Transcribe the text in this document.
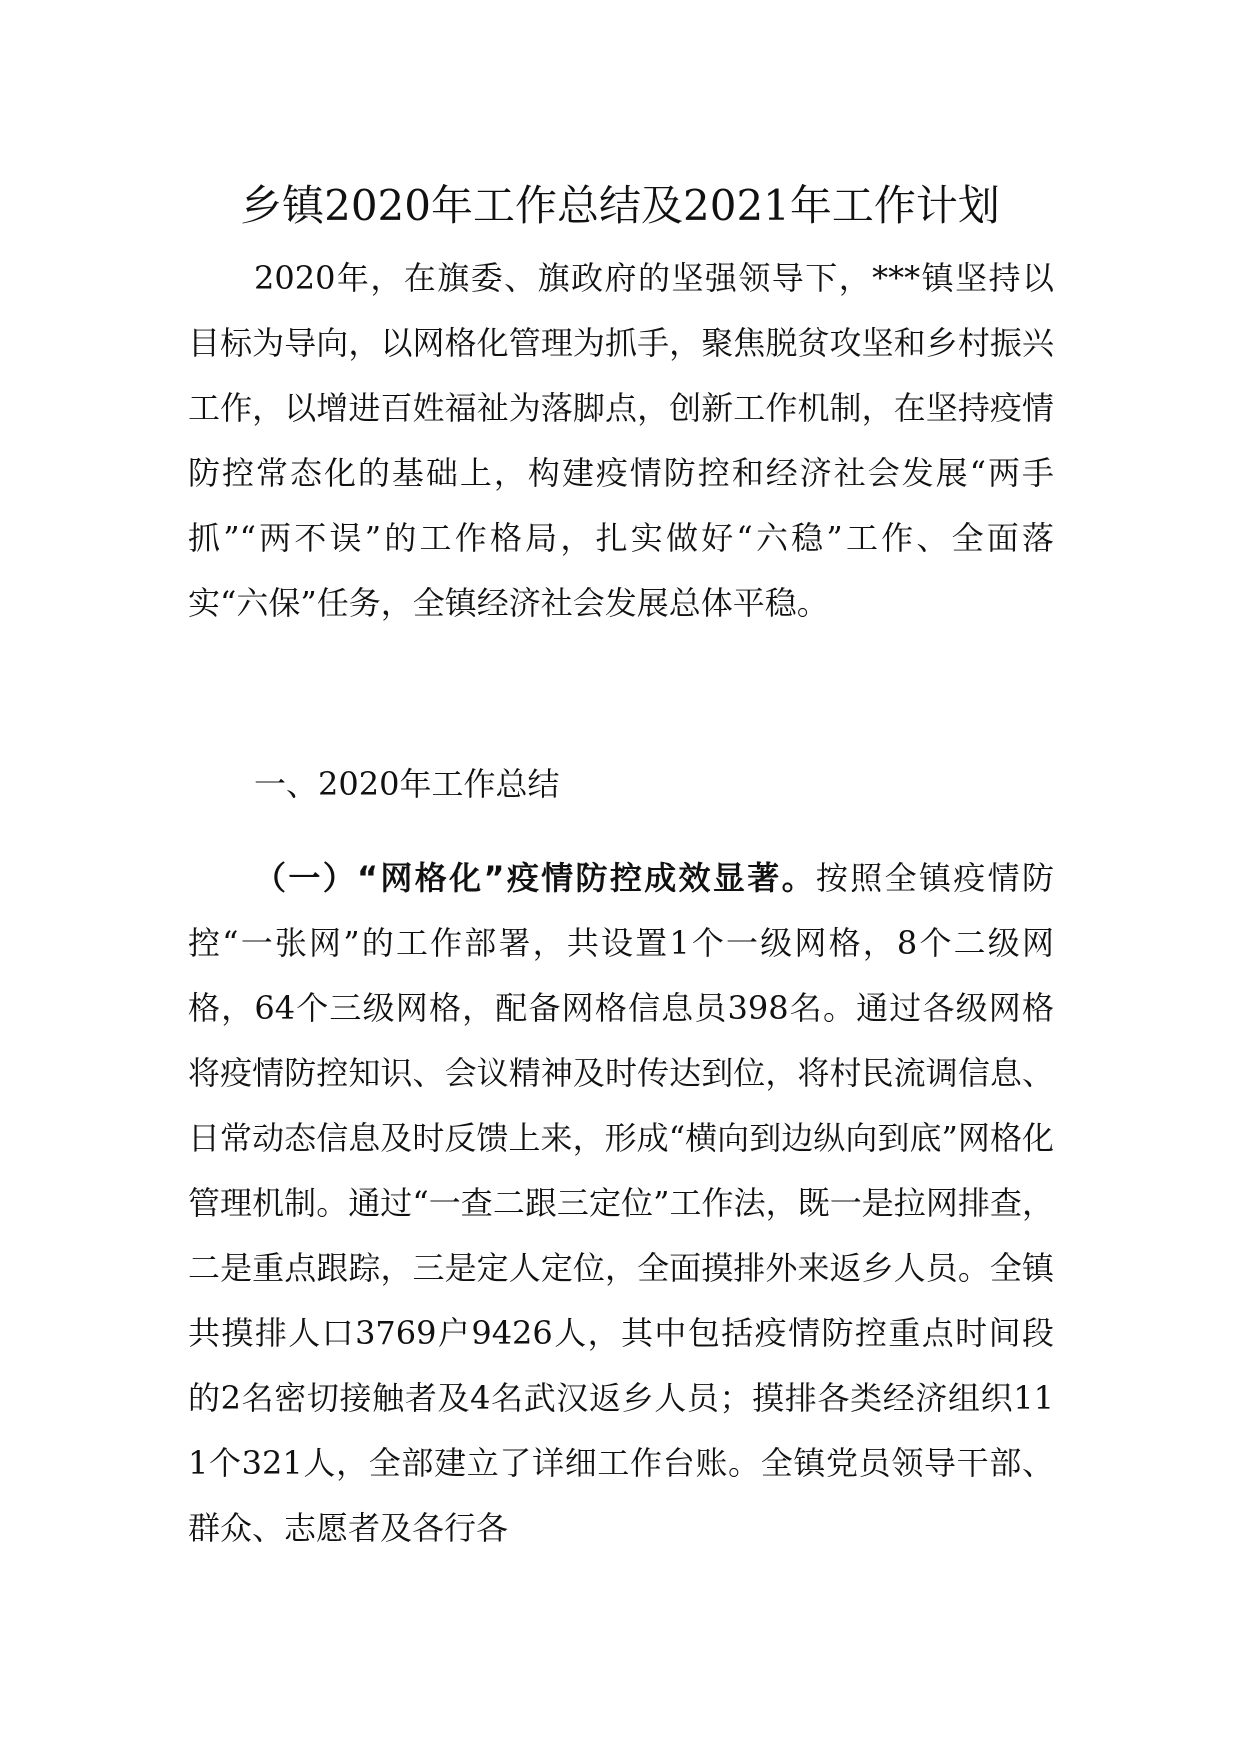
乡镇2020年工作总结及2021年工作计划

2020年，在旗委、旗政府的坚强领导下，***镇坚持以目标为导向，以网格化管理为抓手，聚焦脱贫攻坚和乡村振兴工作，以增进百姓福祉为落脚点，创新工作机制，在坚持疫情防控常态化的基础上，构建疫情防控和经济社会发展“两手抓”“两不误”的工作格局，扎实做好“六稳”工作、全面落实“六保”任务，全镇经济社会发展总体平稳。

一、2020年工作总结

（一）“网格化”疫情防控成效显著。按照全镇疫情防控“一张网”的工作部署，共设置1个一级网格，8个二级网格，64个三级网格，配备网格信息员398名。通过各级网格将疫情防控知识、会议精神及时传达到位，将村民流调信息、日常动态信息及时反馈上来，形成“横向到边纵向到底”网格化管理机制。通过“一查二跟三定位”工作法，既一是拉网排查，二是重点跟踪，三是定人定位，全面摸排外来返乡人员。全镇共摸排人口3769户9426人，其中包括疫情防控重点时间段的2名密切接触者及4名武汉返乡人员；摸排各类经济组织111个321人，全部建立了详细工作台账。全镇党员领导干部、群众、志愿者及各行各
